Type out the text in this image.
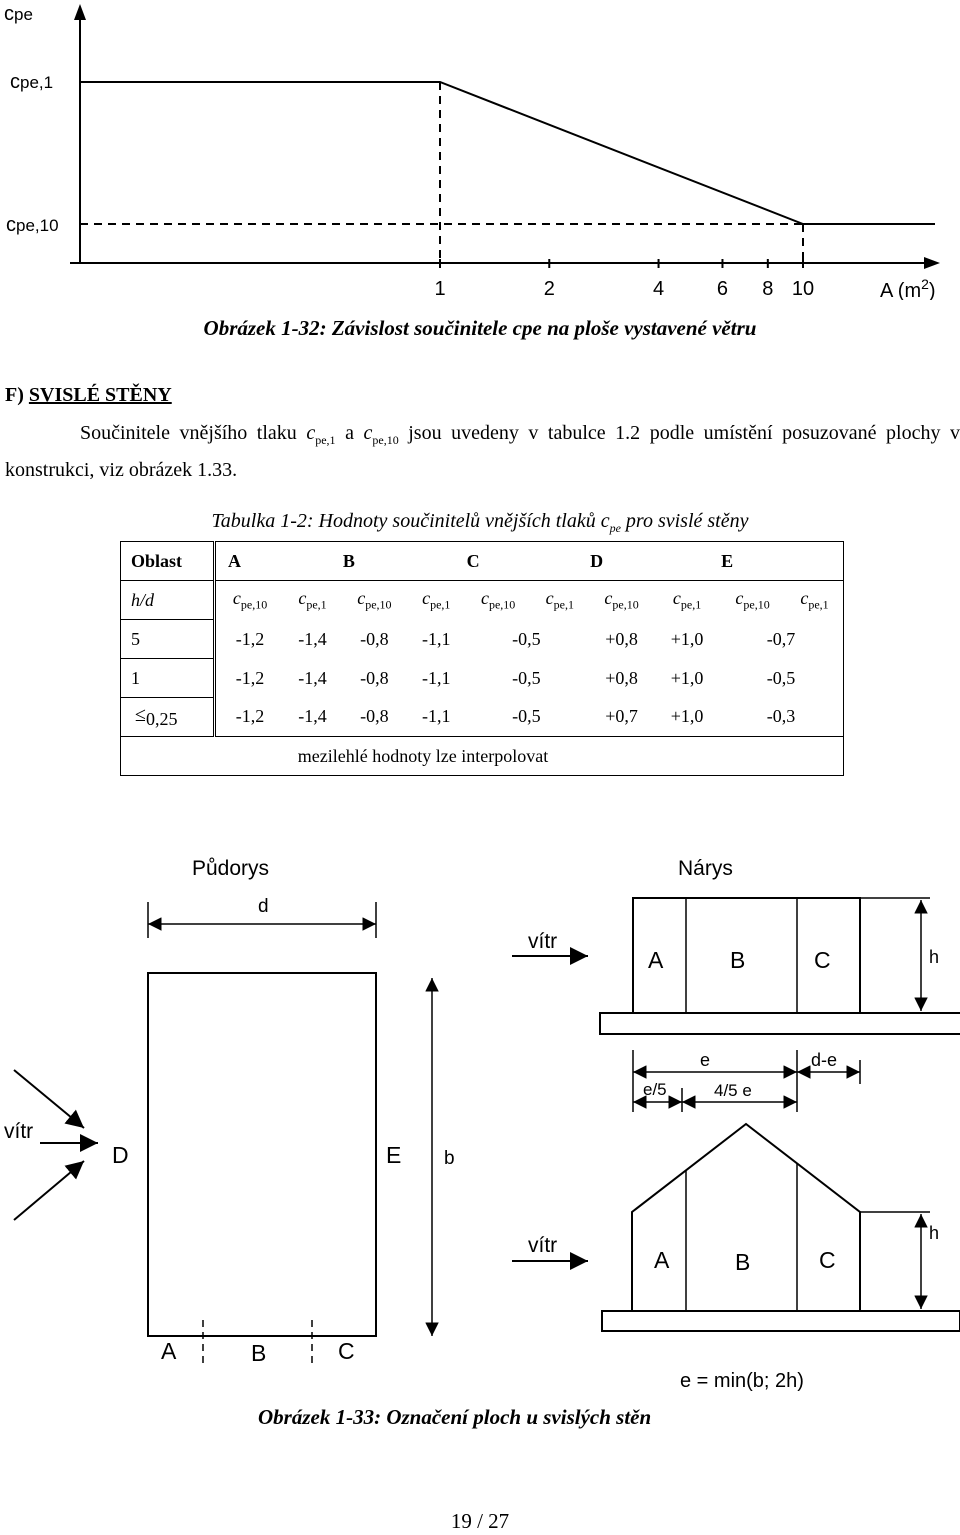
1	2	4	6 8 10
cpe
cpe,1
cpe,10
A $(m^2)$
Obrázek 1-32: Závislost součinitele cpe na ploše vystavené větru
F) SVISLÉ STĚNY
Součinitele vnějšího tlaku $c_{pe,1}$ a $c_{pe,10}$ jsou uvedeny v tabulce 1.2 podle umístění posuzované plochy v konstrukci, viz obrázek 1.33.
Tabulka 1-2: Hodnoty součinitelů vnějších tlaků $c_{pe}$ pro svislé stěny
Oblast	A		B		C		D		E	
h/d	$c_{pe,10}$	$c_{pe,1}$	$c_{pe,10}$	$c_{pe,1}$	$c_{pe,10}$	$c_{pe,1}$	$c_{pe,10}$	$c_{pe,1}$	$c_{pe,10}$	$c_{pe,1}$
5	-1,2	-1,4	-0,8	-1,1	-0,5		+0,8	+1,0	-0,7	
1	-1,2	-1,4	-0,8	-1,1	-0,5		+0,8	+1,0	-0,5	
≤0,25	-1,2	-1,4	-0,8	-1,1	-0,5		+0,7	+1,0	-0,3	
mezilehlé hodnoty lze interpolovat										
Půdorys
d
A	B	C
D	E b
vítr
Nárys
vítr
A	B	C	h
e	d-e
e/5	4/5 e
A	B	C
vítr
h
e = min(b; 2h)
Obrázek 1-33: Označení ploch u svislých stěn
19 / 27
